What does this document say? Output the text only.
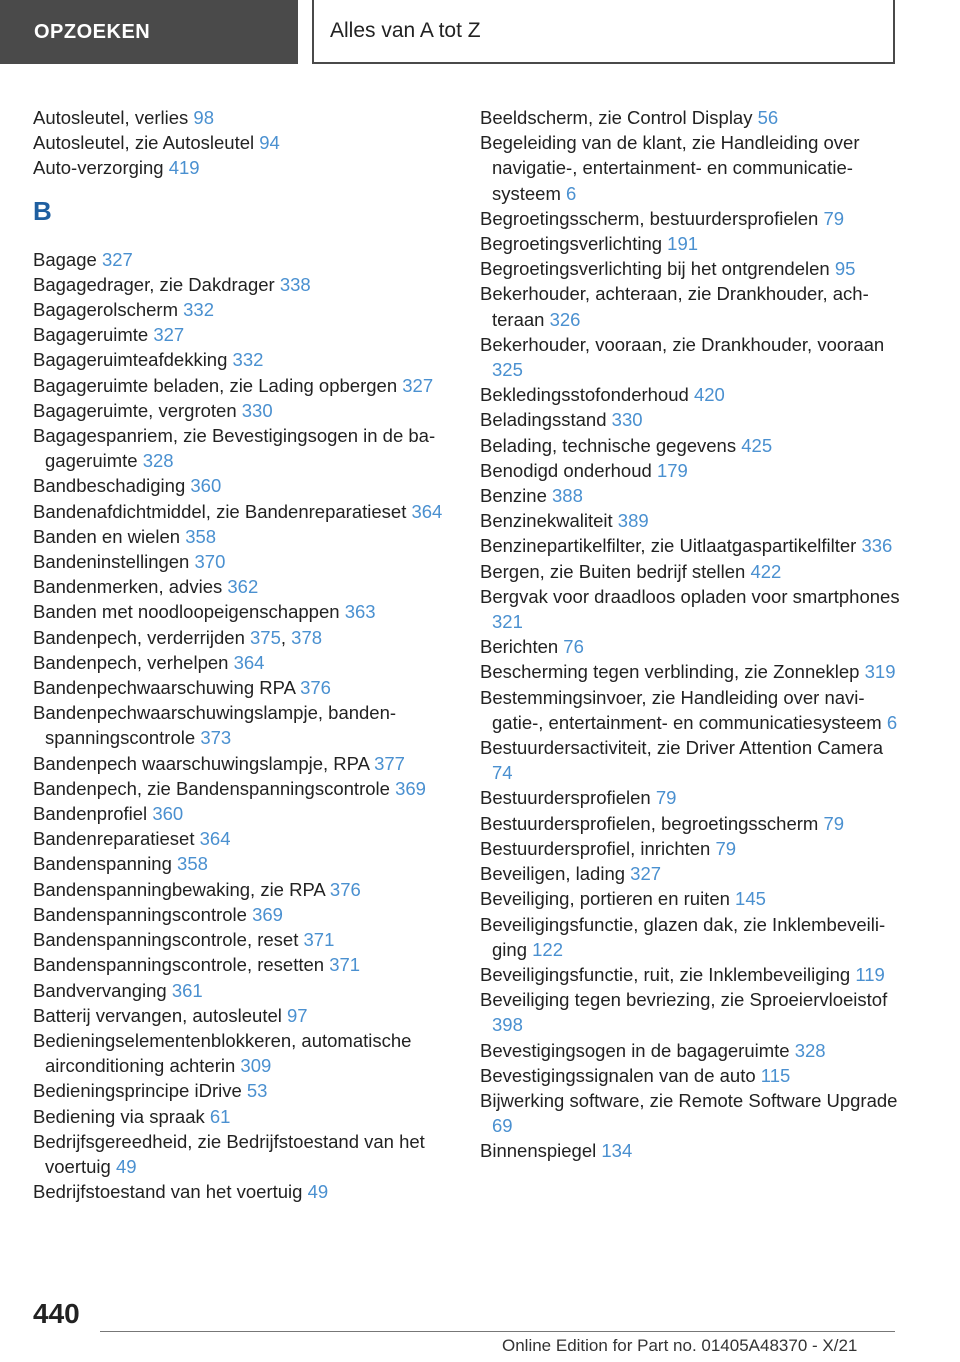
OPZOEKEN	Alles van A tot Z
Autosleutel, verlies 98
Autosleutel, zie Autosleutel 94
Auto-verzorging 419
B
Bagage 327
Bagagedrager, zie Dakdrager 338
Bagagerolscherm 332
Bagageruimte 327
Bagageruimteafdekking 332
Bagageruimte beladen, zie Lading opbergen 327
Bagageruimte, vergroten 330
Bagagespanriem, zie Bevestigingsogen in de bagageruimte 328
Bandbeschadiging 360
Bandenafdichtmiddel, zie Bandenreparatieset 364
Banden en wielen 358
Bandeninstellingen 370
Bandenmerken, advies 362
Banden met noodloopeigenschappen 363
Bandenpech, verderrijden 375, 378
Bandenpech, verhelpen 364
Bandenpechwaarschuwing RPA 376
Bandenpechwaarschuwingslampje, bandenspanningscontrole 373
Bandenpech waarschuwingslampje, RPA 377
Bandenpech, zie Bandenspanningscontrole 369
Bandenprofiel 360
Bandenreparatieset 364
Bandenspanning 358
Bandenspanningbewaking, zie RPA 376
Bandenspanningscontrole 369
Bandenspanningscontrole, reset 371
Bandenspanningscontrole, resetten 371
Bandvervanging 361
Batterij vervangen, autosleutel 97
Bedieningselementenblokkeren, automatische airconditioning achterin 309
Bedieningsprincipe iDrive 53
Bediening via spraak 61
Bedrijfsgereedheid, zie Bedrijfstoestand van het voertuig 49
Bedrijfstoestand van het voertuig 49
Beeldscherm, zie Control Display 56
Begeleiding van de klant, zie Handleiding over navigatie-, entertainment- en communicatiesysteem 6
Begroetingsscherm, bestuurdersprofielen 79
Begroetingsverlichting 191
Begroetingsverlichting bij het ontgrendelen 95
Bekerhouder, achteraan, zie Drankhouder, achteraan 326
Bekerhouder, vooraan, zie Drankhouder, vooraan 325
Bekledingsstofonderhoud 420
Beladingsstand 330
Belading, technische gegevens 425
Benodigd onderhoud 179
Benzine 388
Benzinekwaliteit 389
Benzinepartikelfilter, zie Uitlaatgaspartikelfilter 336
Bergen, zie Buiten bedrijf stellen 422
Bergvak voor draadloos opladen voor smartphones 321
Berichten 76
Bescherming tegen verblinding, zie Zonneklep 319
Bestemmingsinvoer, zie Handleiding over navigatie-, entertainment- en communicatiesysteem 6
Bestuurdersactiviteit, zie Driver Attention Camera 74
Bestuurdersprofielen 79
Bestuurdersprofielen, begroetingsscherm 79
Bestuurdersprofiel, inrichten 79
Beveiligen, lading 327
Beveiliging, portieren en ruiten 145
Beveiligingsfunctie, glazen dak, zie Inklembeveiliging 122
Beveiligingsfunctie, ruit, zie Inklembeveiliging 119
Beveiliging tegen bevriezing, zie Sproeiervloeistof 398
Bevestigingsogen in de bagageruimte 328
Bevestigingssignalen van de auto 115
Bijwerking software, zie Remote Software Upgrade 69
Binnenspiegel 134
440
Online Edition for Part no. 01405A48370 - X/21
